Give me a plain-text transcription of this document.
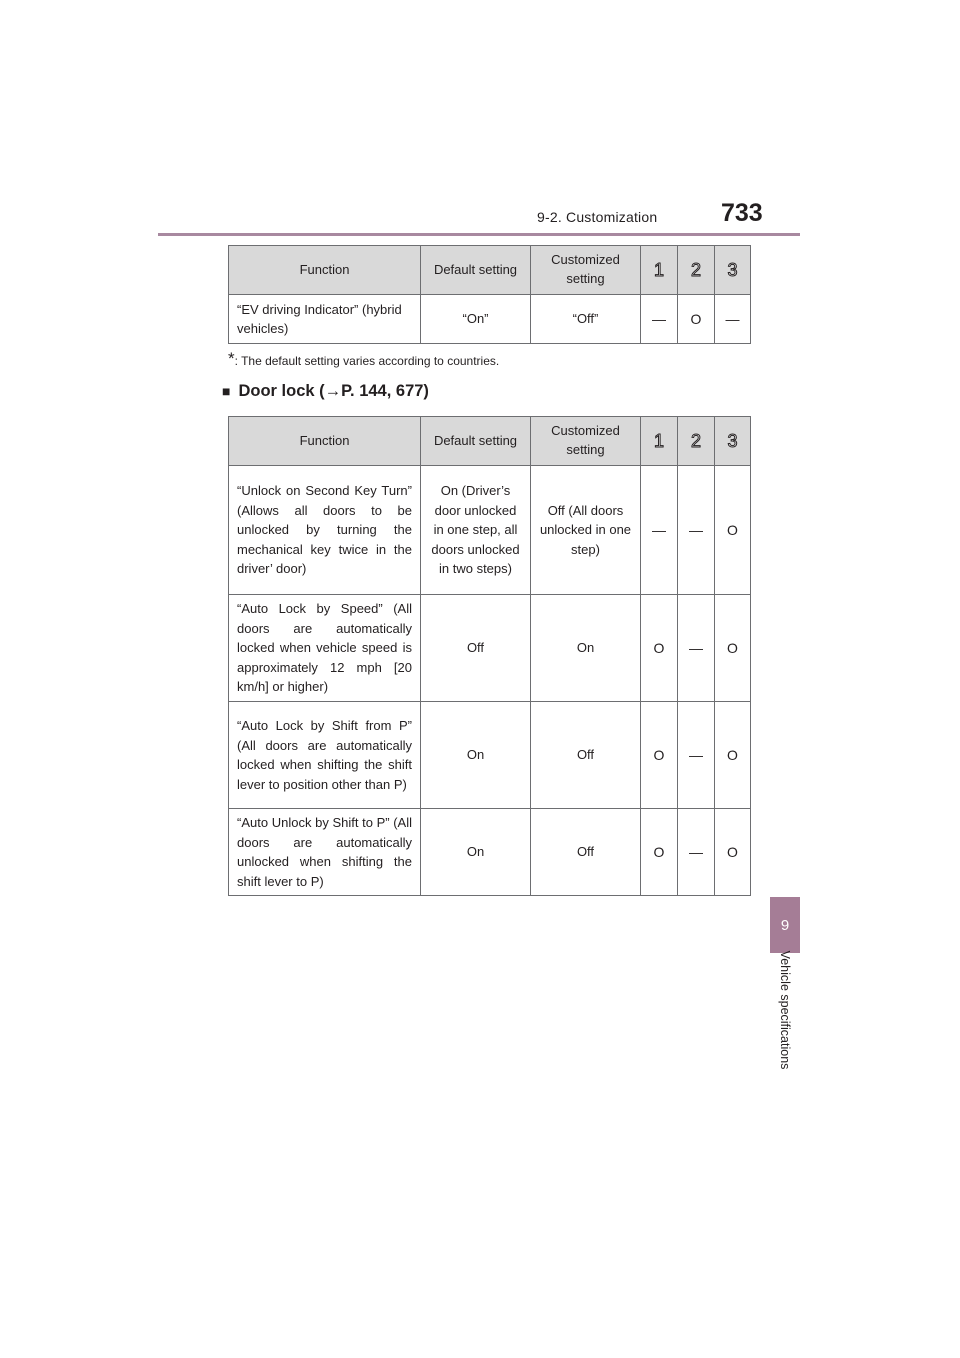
9-2. Customization	733
9
Vehicle specifications
Function	Default setting	Customized setting	1	2	3
“EV driving Indicator” (hybrid vehicles)	“On”	“Off”	—	O	—
*: The default setting varies according to countries.
■ Door lock (→P. 144, 677)
Function	Default setting	Customized setting	1	2	3
“Unlock on Second Key Turn” (Allows all doors to be unlocked by turning the mechanical key twice in the driver’ door)	On (Driver’s door unlocked in one step, all doors unlocked in two steps)	Off (All doors unlocked in one step)	—	—	O
“Auto Lock by Speed” (All doors are automatically locked when vehicle speed is approximately 12 mph [20 km/h] or higher)	Off	On	O	—	O
“Auto Lock by Shift from P” (All doors are automatically locked when shifting the shift lever to position other than P)	On	Off	O	—	O
“Auto Unlock by Shift to P” (All doors are automatically unlocked when shifting the shift lever to P)	On	Off	O	—	O
